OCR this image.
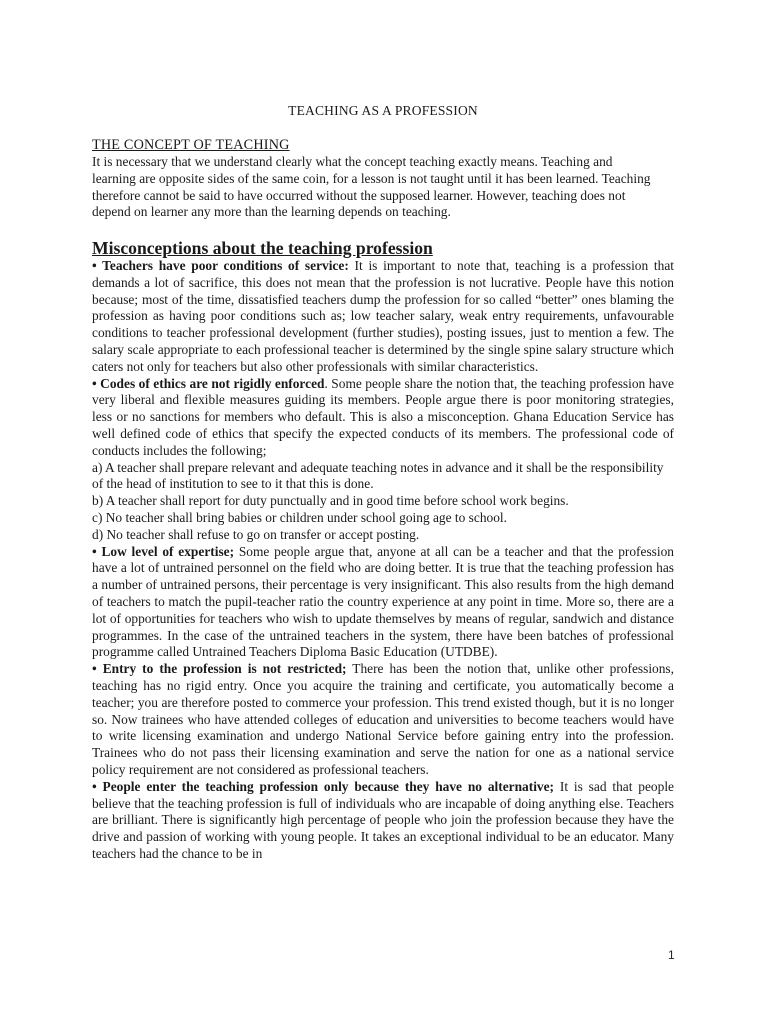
TEACHING AS A PROFESSION
THE CONCEPT OF TEACHING

It is necessary that we understand clearly what the concept teaching exactly means. Teaching and learning are opposite sides of the same coin, for a lesson is not taught until it has been learned. Teaching therefore cannot be said to have occurred without the supposed learner. However, teaching does not depend on learner any more than the learning depends on teaching.

Misconceptions about the teaching profession

• Teachers have poor conditions of service: It is important to note that, teaching is a profession that demands a lot of sacrifice, this does not mean that the profession is not lucrative. People have this notion because; most of the time, dissatisfied teachers dump the profession for so called “better” ones blaming the profession as having poor conditions such as; low teacher salary, weak entry requirements, unfavourable conditions to teacher professional development (further studies), posting issues, just to mention a few. The salary scale appropriate to each professional teacher is determined by the single spine salary structure which caters not only for teachers but also other professionals with similar characteristics.

• Codes of ethics are not rigidly enforced. Some people share the notion that, the teaching profession have very liberal and flexible measures guiding its members. People argue there is poor monitoring strategies, less or no sanctions for members who default. This is also a misconception. Ghana Education Service has well defined code of ethics that specify the expected conducts of its members. The professional code of conducts includes the following;

a) A teacher shall prepare relevant and adequate teaching notes in advance and it shall be the responsibility of the head of institution to see to it that this is done.

b) A teacher shall report for duty punctually and in good time before school work begins.

c) No teacher shall bring babies or children under school going age to school.

d) No teacher shall refuse to go on transfer or accept posting.

• Low level of expertise; Some people argue that, anyone at all can be a teacher and that the profession have a lot of untrained personnel on the field who are doing better. It is true that the teaching profession has a number of untrained persons, their percentage is very insignificant. This also results from the high demand of teachers to match the pupil-teacher ratio the country experience at any point in time. More so, there are a lot of opportunities for teachers who wish to update themselves by means of regular, sandwich and distance programmes. In the case of the untrained teachers in the system, there have been batches of professional programme called Untrained Teachers Diploma Basic Education (UTDBE).

• Entry to the profession is not restricted; There has been the notion that, unlike other professions, teaching has no rigid entry. Once you acquire the training and certificate, you automatically become a teacher; you are therefore posted to commerce your profession. This trend existed though, but it is no longer so. Now trainees who have attended colleges of education and universities to become teachers would have to write licensing examination and undergo National Service before gaining entry into the profession. Trainees who do not pass their licensing examination and serve the nation for one as a national service policy requirement are not considered as professional teachers.

• People enter the teaching profession only because they have no alternative; It is sad that people believe that the teaching profession is full of individuals who are incapable of doing anything else. Teachers are brilliant. There is significantly high percentage of people who join the profession because they have the drive and passion of working with young people. It takes an exceptional individual to be an educator. Many teachers had the chance to be in

1
